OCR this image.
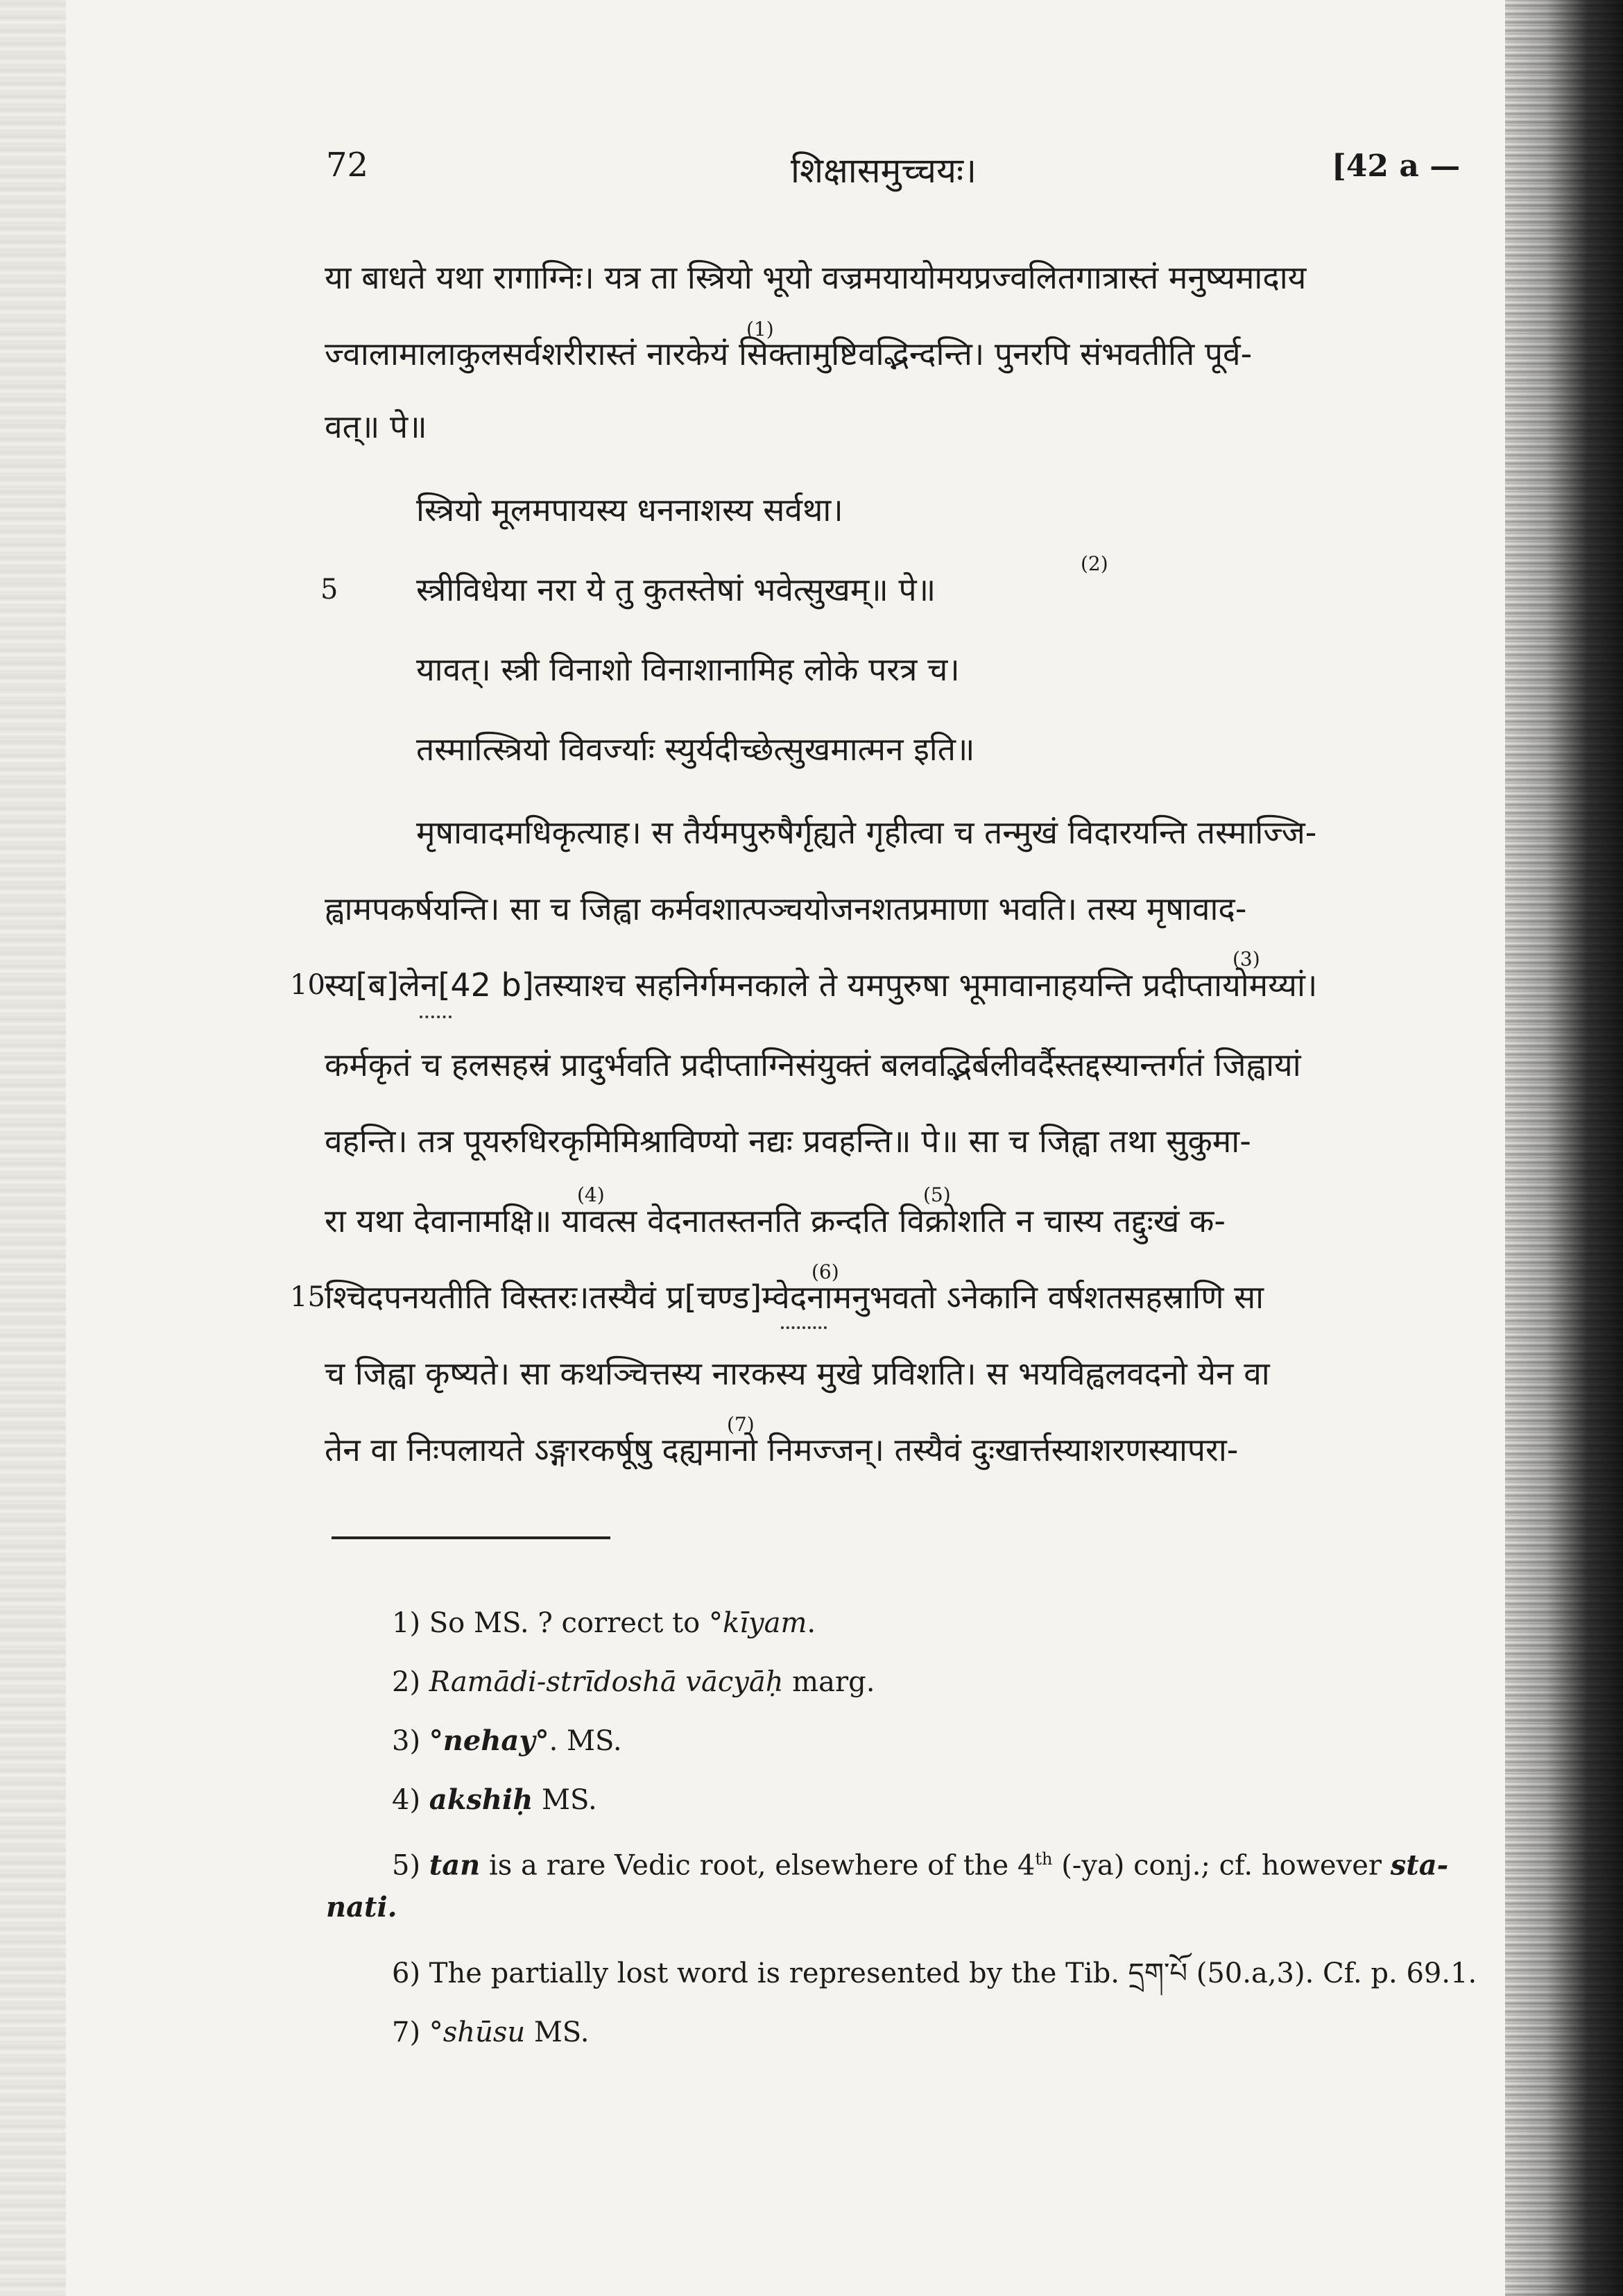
72	शिक्षासमुच्चयः।	[42 a —
या बाधते यथा रागाग्निः। यत्र ता स्त्रियो भूयो वज्रमयायोमयप्रज्वलितगात्रास्तं मनुष्यमादाय
ज्वालामालाकुलसर्वशरीरास्तं नारकेयं सिक्तामुष्टिवद्भिन्दन्ति। पुनरपि संभवतीति पूर्व-
वत्॥ पे॥
स्त्रियो मूलमपायस्य धननाशस्य सर्वथा।
स्त्रीविधेया नरा ये तु कुतस्तेषां भवेत्सुखम्॥ पे॥
यावत्। स्त्री विनाशो विनाशानामिह लोके परत्र च।
तस्मात्स्त्रियो विवर्ज्याः स्युर्यदीच्छेत्सुखमात्मन इति॥
मृषावादमधिकृत्याह। स तैर्यमपुरुषैर्गृह्यते गृहीत्वा च तन्मुखं विदारयन्ति तस्माज्जि-
ह्वामपकर्षयन्ति। सा च जिह्वा कर्मवशात्पञ्चयोजनशतप्रमाणा भवति। तस्य मृषावाद-
स्य[ब]लेन[42 b]तस्याश्च सहनिर्गमनकाले ते यमपुरुषा भूमावानाहयन्ति प्रदीप्तायोमय्यां।
कर्मकृतं च हलसहस्रं प्रादुर्भवति प्रदीप्ताग्निसंयुक्तं बलवद्भिर्बलीवर्दैस्तद्दस्यान्तर्गतं जिह्वायां
वहन्ति। तत्र पूयरुधिरकृमिमिश्राविण्यो नद्यः प्रवहन्ति॥ पे॥ सा च जिह्वा तथा सुकुमा-
रा यथा देवानामक्षि॥ यावत्स वेदनातस्तनति क्रन्दति विक्रोशति न चास्य तद्दुःखं क-
श्चिदपनयतीति विस्तरः।तस्यैवं प्र[चण्ड]म्वेदनामनुभवतो ऽनेकानि वर्षशतसहस्राणि सा
च जिह्वा कृष्यते। सा कथञ्चित्तस्य नारकस्य मुखे प्रविशति। स भयविह्वलवदनो येन वा
तेन वा निःपलायते ऽङ्गारकर्षूषु दह्यमानो निमज्जन्। तस्यैवं दुःखार्त्तस्याशरणस्यापरा-
5
10
15
(1)
(2)
(3)
(4)	(5)
(6)
(7)
1) So MS. ? correct to °kīyam.
2) Ramādi-strīdoshā vācyāḥ marg.
3) °nehay°. MS.
4) akshiḥ MS.
5) tan is a rare Vedic root, elsewhere of the 4th (-ya) conj.; cf. however sta-
nati.
6) The partially lost word is represented by the Tib. དྲག་པོ (50.a,3). Cf. p. 69.1.
7) °shūsu MS.
